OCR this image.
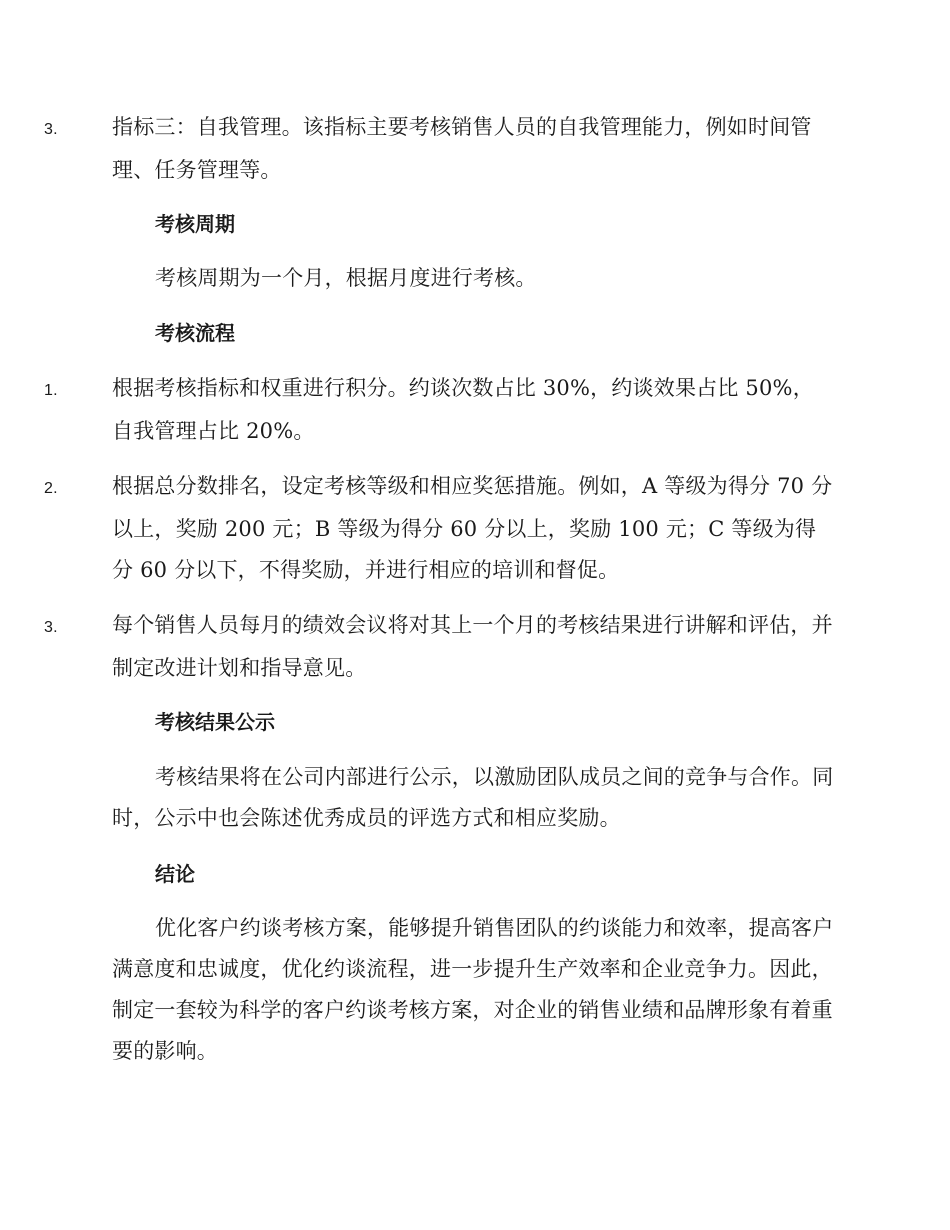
3.	指标三：自我管理。该指标主要考核销售人员的自我管理能力，例如时间管理、任务管理等。
考核周期
考核周期为一个月，根据月度进行考核。
考核流程
1.	根据考核指标和权重进行积分。约谈次数占比 30%，约谈效果占比 50%，自我管理占比 20%。
2.	根据总分数排名，设定考核等级和相应奖惩措施。例如，A 等级为得分 70 分以上，奖励 200 元；B 等级为得分 60 分以上，奖励 100 元；C 等级为得分 60 分以下，不得奖励，并进行相应的培训和督促。
3.	每个销售人员每月的绩效会议将对其上一个月的考核结果进行讲解和评估，并制定改进计划和指导意见。
考核结果公示
考核结果将在公司内部进行公示，以激励团队成员之间的竞争与合作。同时，公示中也会陈述优秀成员的评选方式和相应奖励。
结论
优化客户约谈考核方案，能够提升销售团队的约谈能力和效率，提高客户满意度和忠诚度，优化约谈流程，进一步提升生产效率和企业竞争力。因此，制定一套较为科学的客户约谈考核方案，对企业的销售业绩和品牌形象有着重要的影响。
